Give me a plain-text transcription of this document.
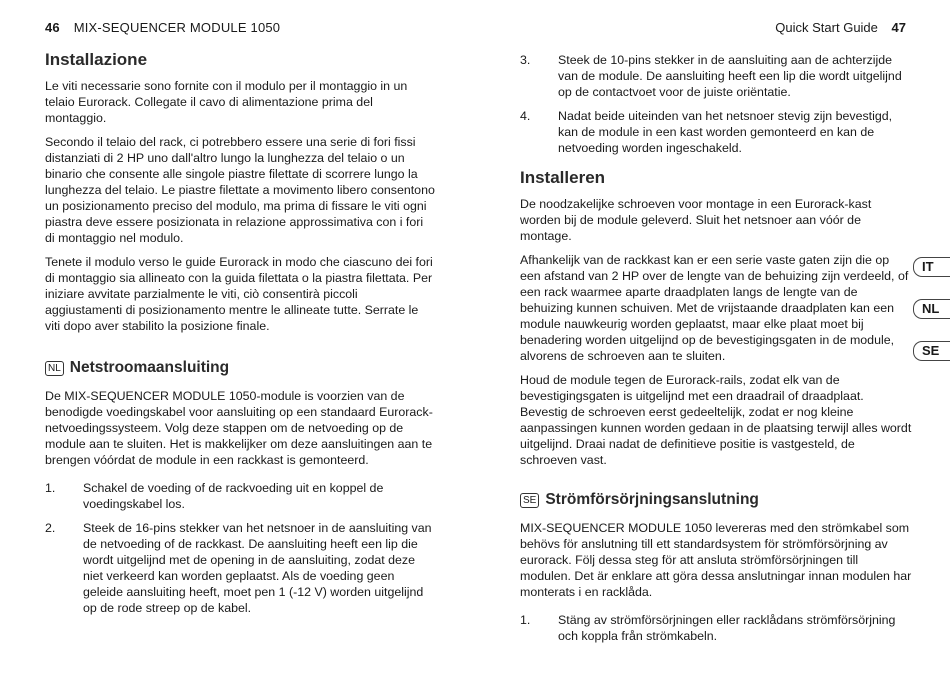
46 MIX-SEQUENCER MODULE 1050	Quick Start Guide 47
Installazione

Le viti necessarie sono fornite con il modulo per il montaggio in un telaio Eurorack. Collegate il cavo di alimentazione prima del montaggio.

Secondo il telaio del rack, ci potrebbero essere una serie di fori fissi distanziati di 2 HP uno dall'altro lungo la lunghezza del telaio o un binario che consente alle singole piastre filettate di scorrere lungo la lunghezza del telaio. Le piastre filettate a movimento libero consentono un posizionamento preciso del modulo, ma prima di fissare le viti ogni piastra deve essere posizionata in relazione approssimativa con i fori di montaggio nel modulo.

Tenete il modulo verso le guide Eurorack in modo che ciascuno dei fori di montaggio sia allineato con la guida filettata o la piastra filettata. Per iniziare avvitate parzialmente le viti, ciò consentirà piccoli aggiustamenti di posizionamento mentre le allineate tutte. Serrate le viti dopo aver stabilito la posizione finale.

NL Netstroomaansluiting

De MIX-SEQUENCER MODULE 1050-module is voorzien van de benodigde voedingskabel voor aansluiting op een standaard Eurorack-netvoedingssysteem. Volg deze stappen om de netvoeding op de module aan te sluiten. Het is makkelijker om deze aansluitingen aan te brengen vóórdat de module in een rackkast is gemonteerd.

1.	Schakel de voeding of de rackvoeding uit en koppel de voedingskabel los.
2.	Steek de 16-pins stekker van het netsnoer in de aansluiting van de netvoeding of de rackkast. De aansluiting heeft een lip die wordt uitgelijnd met de opening in de aansluiting, zodat deze niet verkeerd kan worden geplaatst. Als de voeding geen geleide aansluiting heeft, moet pen 1 (-12 V) worden uitgelijnd op de rode streep op de kabel.
3.	Steek de 10-pins stekker in de aansluiting aan de achterzijde van de module. De aansluiting heeft een lip die wordt uitgelijnd op de contactvoet voor de juiste oriëntatie.
4.	Nadat beide uiteinden van het netsnoer stevig zijn bevestigd, kan de module in een kast worden gemonteerd en kan de netvoeding worden ingeschakeld.
Installeren

De noodzakelijke schroeven voor montage in een Eurorack-kast worden bij de module geleverd. Sluit het netsnoer aan vóór de montage.

Afhankelijk van de rackkast kan er een serie vaste gaten zijn die op een afstand van 2 HP over de lengte van de behuizing zijn verdeeld, of een rack waarmee aparte draadplaten langs de lengte van de behuizing kunnen schuiven. Met de vrijstaande draadplaten kan een module nauwkeurig worden geplaatst, maar elke plaat moet bij benadering worden uitgelijnd op de bevestigingsgaten in de module, alvorens de schroeven aan te sluiten.

Houd de module tegen de Eurorack-rails, zodat elk van de bevestigingsgaten is uitgelijnd met een draadrail of draadplaat. Bevestig de schroeven eerst gedeeltelijk, zodat er nog kleine aanpassingen kunnen worden gedaan in de plaatsing terwijl alles wordt uitgelijnd. Draai nadat de definitieve positie is vastgesteld, de schroeven vast.

SE Strömförsörjningsanslutning

MIX-SEQUENCER MODULE 1050 levereras med den strömkabel som behövs för anslutning till ett standardsystem för strömförsörjning av eurorack. Följ dessa steg för att ansluta strömförsörjningen till modulen. Det är enklare att göra dessa anslutningar innan modulen har monterats i en racklåda.

1.	Stäng av strömförsörjningen eller racklådans strömförsörjning och koppla från strömkabeln.
IT
NL
SE
